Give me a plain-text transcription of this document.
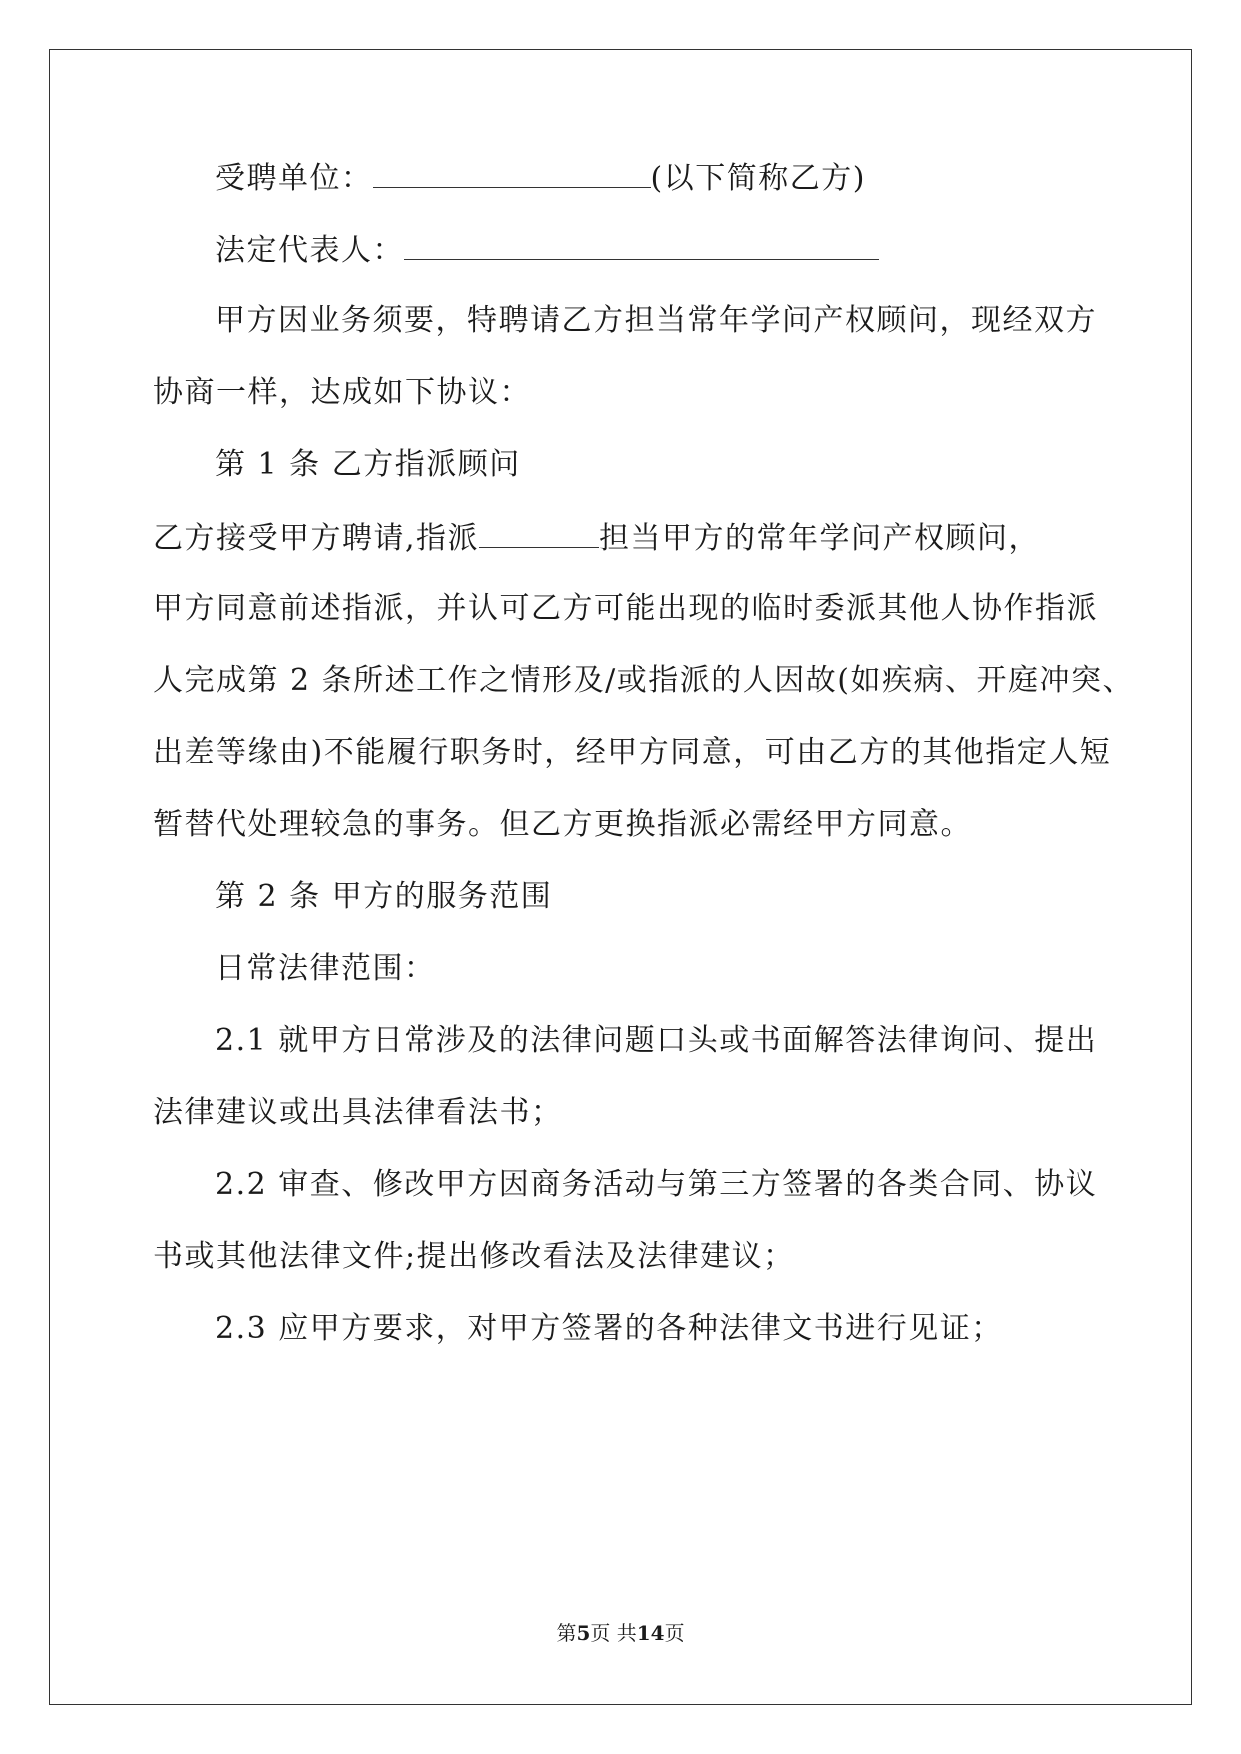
受聘单位：	(以下简称乙方)
法定代表人：
甲方因业务须要，特聘请乙方担当常年学问产权顾问，现经双方
协商一样，达成如下协议：
第 1 条 乙方指派顾问
乙方接受甲方聘请,指派	担当甲方的常年学问产权顾问，
甲方同意前述指派，并认可乙方可能出现的临时委派其他人协作指派
人完成第 2 条所述工作之情形及/或指派的人因故(如疾病、开庭冲突、
出差等缘由)不能履行职务时，经甲方同意，可由乙方的其他指定人短
暂替代处理较急的事务。但乙方更换指派必需经甲方同意。
第 2 条 甲方的服务范围
日常法律范围：
2.1 就甲方日常涉及的法律问题口头或书面解答法律询问、提出
法律建议或出具法律看法书；
2.2 审查、修改甲方因商务活动与第三方签署的各类合同、协议
书或其他法律文件;提出修改看法及法律建议；
2.3 应甲方要求，对甲方签署的各种法律文书进行见证；
第5页 共14页
